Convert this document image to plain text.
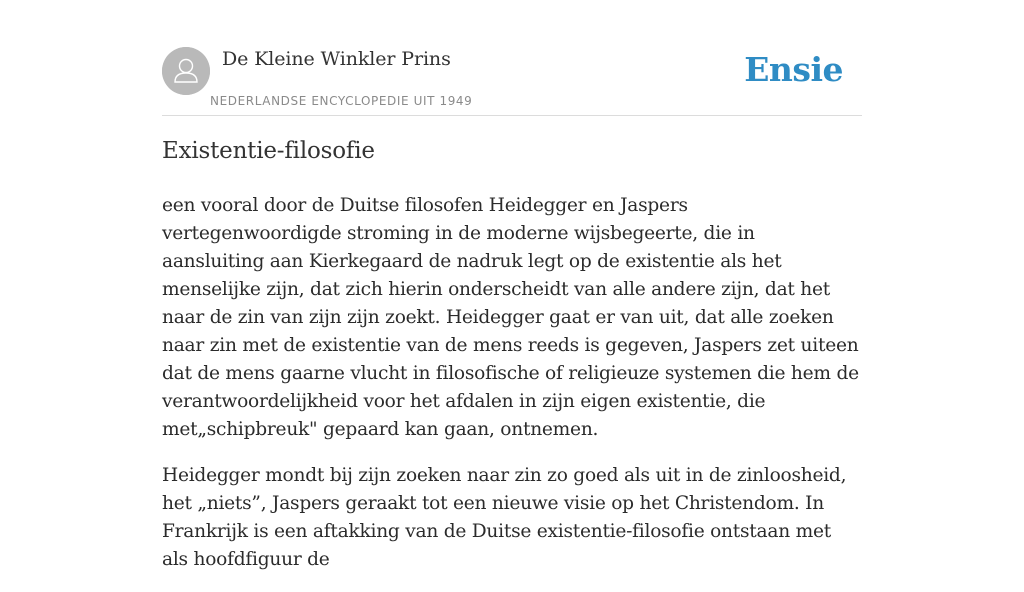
De Kleine Winkler Prins
NEDERLANDSE ENCYCLOPEDIE UIT 1949
Ensie
Existentie-filosofie

een vooral door de Duitse filosofen Heidegger en Jaspers vertegenwoordigde stroming in de moderne wijsbegeerte, die in aansluiting aan Kierkegaard de nadruk legt op de existentie als het menselijke zijn, dat zich hierin onderscheidt van alle andere zijn, dat het naar de zin van zijn zijn zoekt. Heidegger gaat er van uit, dat alle zoeken naar zin met de existentie van de mens reeds is gegeven, Jaspers zet uiteen dat de mens gaarne vlucht in filosofische of religieuze systemen die hem de verantwoordelijkheid voor het afdalen in zijn eigen existentie, die met„schipbreuk" gepaard kan gaan, ontnemen.

Heidegger mondt bij zijn zoeken naar zin zo goed als uit in de zinloosheid, het „niets”, Jaspers geraakt tot een nieuwe visie op het Christendom. In Frankrijk is een aftakking van de Duitse existentie-filosofie ontstaan met als hoofdfiguur de
